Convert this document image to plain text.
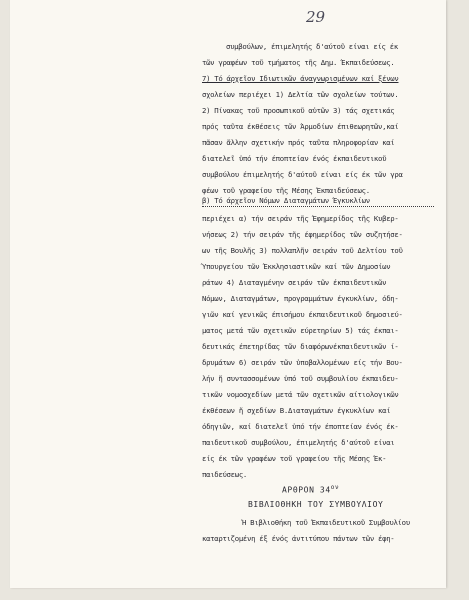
29
συμβούλων, έπιμελητής δ'αύτοῦ είναι είς έκ
τῶν γραφέων τοῦ τμήματος τῆς Δημ. Έκπαιδεύσεως.
7) Τό άρχεῖον Ιδιωτικῶν άναγνωρισμένων καί ξένων
σχολείων περιέχει 1) Δελτία τῶν σχολείων τούτων.
2) Πίνακας τοῦ προσωπικοῦ αὐτῶν 3) τάς σχετικάς
πρός ταῦτα έκθέσεις τῶν Άρμοδίων έπιθεωρητῶν,καί
πᾶσαν ἄλλην σχετικήν πρός ταῦτα πληροφορίαν καί
διατελεῖ ὑπό τήν έποπτείαν ένός έκπαιδευτικοῦ
συμβούλου έπιμελητής δ'αύτοῦ είναι είς έκ τῶν γρα
φέων τοῦ γραφείου τῆς Μέσης Έκπαιδεύσεως.
β) Τό άρχεῖον Νόμων Διαταγμάτων Έγκυκλίων
περιέχει α) τήν σειράν τῆς Έφημερίδος τῆς Κυβερ-
νήσεως 2) τήν σειράν τῆς έφημερίδος τῶν συζητήσε-
ων τῆς Βουλῆς 3) πολλαπλῆν σειράν τοῦ Δελτίου τοῦ
Ύπουργείου τῶν Έκκλησιαστικῶν καί τῶν Δημοσίων
ράτων 4) Διαταγμένην σειράν τῶν έκπαιδευτικῶν
Νόμων, Διαταγμάτων, προγραμμάτων έγκυκλίων, όδη-
γιῶν καί γενικῶς έπισήμου έκπαιδευτικοῦ δημοσιεύ-
ματος μετά τῶν σχετικῶν εύρετηρίων 5) τάς έκπαι-
δευτικάς έπετηρίδας τῶν διαφόρωνέκπαιδευτικῶν ί-
δρυμάτων 6) σειράν τῶν ὑποβαλλομένων είς τήν Βου-
λήν ἤ συντασσομένων ὑπό τοῦ συμβουλίου έκπαιδευ-
τικῶν νομοσχεδίων μετά τῶν σχετικῶν αίτιολογικῶν
έκθέσεων ἤ σχεδίων Β.Διαταγμάτων έγκυκλίων καί
όδηγιῶν, καί διατελεῖ ὑπό τήν έποπτείαν ένός έκ-
παιδευτικοῦ συμβούλου, έπιμελητής δ'αύτοῦ είναι
είς έκ τῶν γραφέων τοῦ γραφείου τῆς Μέσης Έκ-
παιδεύσεως.
ΑΡΘΡΟΝ $34^{o\nu}$
ΒΙΒΛΙΟΘΗΚΗ ΤΟΥ ΣΥΜΒΟΥΛΙΟΥ
Ἡ Βιβλιοθήκη τοῦ Έκπαιδευτικοῦ Συμβουλίου
καταρτιζομένη έξ ένός άντιτύπου πάντων τῶν έφη-
